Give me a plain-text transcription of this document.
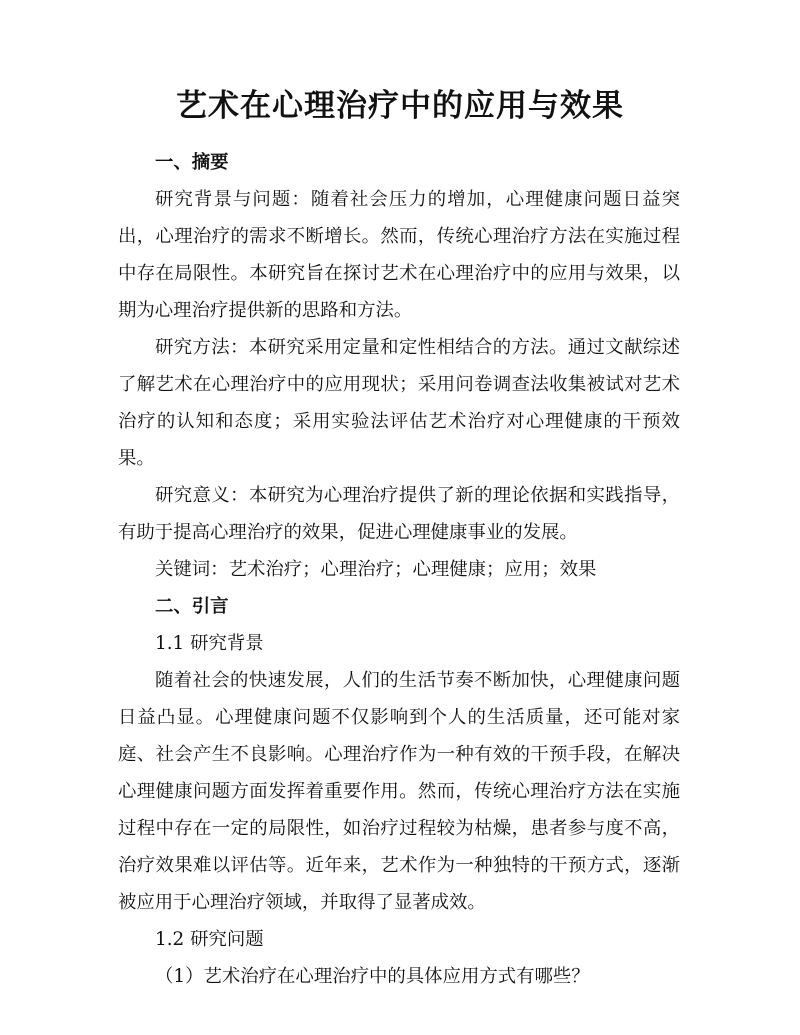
艺术在心理治疗中的应用与效果

一、摘要

研究背景与问题：随着社会压力的增加，心理健康问题日益突出，心理治疗的需求不断增长。然而，传统心理治疗方法在实施过程中存在局限性。本研究旨在探讨艺术在心理治疗中的应用与效果，以期为心理治疗提供新的思路和方法。

研究方法：本研究采用定量和定性相结合的方法。通过文献综述了解艺术在心理治疗中的应用现状；采用问卷调查法收集被试对艺术治疗的认知和态度；采用实验法评估艺术治疗对心理健康的干预效果。

研究意义：本研究为心理治疗提供了新的理论依据和实践指导，有助于提高心理治疗的效果，促进心理健康事业的发展。

关键词：艺术治疗；心理治疗；心理健康；应用；效果

二、引言

1.1 研究背景

随着社会的快速发展，人们的生活节奏不断加快，心理健康问题日益凸显。心理健康问题不仅影响到个人的生活质量，还可能对家庭、社会产生不良影响。心理治疗作为一种有效的干预手段，在解决心理健康问题方面发挥着重要作用。然而，传统心理治疗方法在实施过程中存在一定的局限性，如治疗过程较为枯燥，患者参与度不高，治疗效果难以评估等。近年来，艺术作为一种独特的干预方式，逐渐被应用于心理治疗领域，并取得了显著成效。

1.2 研究问题

（1）艺术治疗在心理治疗中的具体应用方式有哪些？
